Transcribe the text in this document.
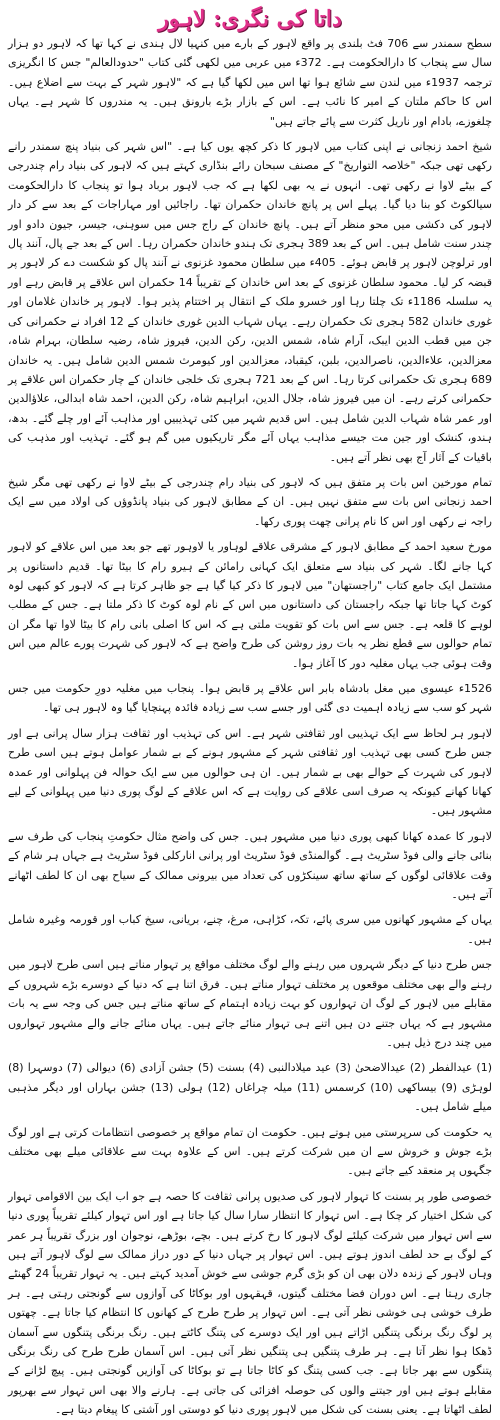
داتا کی نگری: لاہور

سطح سمندر سے 706 فٹ بلندی پر واقع لاہور کے بارے میں کنہیا لال ہندی نے کہا تھا کہ لاہور دو ہزار سال سے پنجاب کا دارالحکومت ہے۔ 372ء میں عربی میں لکھی گئی کتاب "حدودالعالم" جس کا انگریزی ترجمہ 1937ء میں لندن سے شائع ہوا تھا اس میں لکھا گیا ہے کہ "لاہور شہر کے بہت سے اضلاع ہیں۔ اس کا حاکم ملتان کے امیر کا نائب ہے۔ اس کے بازار بڑے بارونق ہیں۔ یہ مندروں کا شہر ہے۔ یہاں چلغوزے، بادام اور ناریل کثرت سے پائے جاتے ہیں"

شیخ احمد زنجانی نے اپنی کتاب میں لاہور کا ذکر کچھ یوں کیا ہے۔ "اس شہر کی بنیاد پنچ سمندر رانے رکھی تھی جبکہ "خلاصہ التواریخ" کے مصنف سبحان رائے بنڈاری کہتے ہیں کہ لاہور کی بنیاد رام چندرجی کے بیٹے لاوا نے رکھی تھی۔ انہوں نے یہ بھی لکھا ہے کہ جب لاہور برباد ہوا تو پنجاب کا دارالحکومت سیالکوٹ کو بنا دیا گیا۔ پہلے اس پر پانچ خاندان حکمران تھا۔ راجائیں اور مہاراجات کے بعد سے کر دار لاہور کی دکشی میں محو منظر آتے ہیں۔ پانچ خاندان کے راج جس میں سوہنی، جیسر، جیون دادو اور چندر سنت شامل ہیں۔ اس کے بعد 389 ہجری تک ہندو خاندان حکمران رہا۔ اس کے بعد جے پال، آنند پال اور ترلوچن لاہور پر قابض ہوئے۔ 405ء میں سلطان محمود غزنوی نے آنند پال کو شکست دے کر لاہور پر قبضہ کر لیا۔ محمود سلطان غزنوی کے بعد اس خاندان کے تقریباً 14 حکمران اس علاقے پر قابض رہے اور یہ سلسلہ 1186ء تک چلتا رہا اور خسرو ملک کے انتقال پر اختتام پذیر ہوا۔ لاہور پر خاندان غلامان اور غوری خاندان 582 ہجری تک حکمران رہے۔ یہاں شہاب الدین غوری خاندان کے 12 افراد نے حکمرانی کی جن میں قطب الدین ایبک، آرام شاہ، شمس الدین، رکن الدین، فیروز شاہ، رضیہ سلطان، بہرام شاہ، معزالدین، علاءالدین، ناصرالدین، بلبن، کیقباد، معزالدین اور کیومرث شمس الدین شامل ہیں۔ یہ خاندان 689 ہجری تک حکمرانی کرتا رہا۔ اس کے بعد 721 ہجری تک خلجی خاندان کے چار حکمران اس علاقے پر حکمرانی کرتے رہے۔ ان میں فیروز شاہ، جلال الدین، ابراہیم شاہ، رکن الدین، احمد شاہ ابدالی، علاؤالدین اور عمر شاہ شہاب الدین شامل ہیں۔ اس قدیم شہر میں کئی تہذیبیں اور مذاہب آئے اور چلے گئے۔ بدھ، ہندو، کنشک اور جین مت جیسے مذاہب یہاں آئے مگر تاریکیوں میں گم ہو گئے۔ تہذیب اور مذہب کی باقیات کے آثار آج بھی نظر آتے ہیں۔

تمام مورخین اس بات پر متفق ہیں کہ لاہور کی بنیاد رام چندرجی کے بیٹے لاوا نے رکھی تھی مگر شیخ احمد زنجانی اس بات سے متفق نہیں ہیں۔ ان کے مطابق لاہور کی بنیاد پانڈوؤں کی اولاد میں سے ایک راجہ نے رکھی اور اس کا نام پرانی چھت پوری رکھا۔

مورخ سعید احمد کے مطابق لاہور کے مشرقی علاقے لوہاور یا لاوہور تھے جو بعد میں اس علاقے کو لاہور کہا جانے لگا۔ شہر کی بنیاد سے متعلق ایک کہانی رامائن کے ہیرو رام کا بیٹا تھا۔ قدیم داستانوں پر مشتمل ایک جامع کتاب "راجستھان" میں لاہور کا ذکر کیا گیا ہے جو ظاہر کرتا ہے کہ لاہور کو کبھی لوہ کوٹ کہا جاتا تھا جبکہ راجستان کی داستانوں میں اس کے نام لوہ کوٹ کا ذکر ملتا ہے۔ جس کے مطلب لوہے کا قلعہ ہے۔ جس سے اس بات کو تقویت ملتی ہے کہ اس کا اصلی بانی رام کا بیٹا لاوا تھا مگر ان تمام حوالوں سے قطع نظر یہ بات روز روشن کی طرح واضح ہے کہ لاہور کی شہرت پورے عالم میں اس وقت ہوئی جب یہاں مغلیہ دور کا آغاز ہوا۔

1526ء عیسوی میں مغل بادشاہ بابر اس علاقے پر قابض ہوا۔ پنجاب میں مغلیہ دورِ حکومت میں جس شہر کو سب سے زیادہ اہمیت دی گئی اور جسے سب سے زیادہ فائدہ پہنچایا گیا وہ لاہور ہی تھا۔

لاہور ہر لحاظ سے ایک تہذیبی اور ثقافتی شہر ہے۔ اس کی تہذیب اور ثقافت ہزار سال پرانی ہے اور جس طرح کسی بھی تہذیب اور ثقافتی شہر کے مشہور ہونے کے بے شمار عوامل ہوتے ہیں اسی طرح لاہور کی شہرت کے حوالے بھی بے شمار ہیں۔ ان ہی حوالوں میں سے ایک حوالہ فن پہلوانی اور عمدہ کھانا کھانے کیونکہ یہ صرف اسی علاقے کی روایت ہے کہ اس علاقے کے لوگ پوری دنیا میں پہلوانی کے لیے مشہور ہیں۔

لاہور کا عمدہ کھانا کبھی پوری دنیا میں مشہور ہیں۔ جس کی واضح مثال حکومتِ پنجاب کی طرف سے بنائی جانے والی فوڈ سٹریٹ ہے۔ گوالمنڈی فوڈ سٹریٹ اور پرانی انارکلی فوڈ سٹریٹ ہے جہاں ہر شام کے وقت علاقائی لوگوں کے ساتھ ساتھ سینکڑوں کی تعداد میں بیرونی ممالک کے سیاح بھی ان کا لطف اٹھانے آتے ہیں۔

یہاں کے مشہور کھانوں میں سری پائے، تکہ، کڑاہی، مرغ، چنے، بریانی، سیخ کباب اور قورمہ وغیرہ شامل ہیں۔

جس طرح دنیا کے دیگر شہروں میں رہنے والے لوگ مختلف مواقع پر تہوار مناتے ہیں اسی طرح لاہور میں رہنے والے بھی مختلف موقعوں پر مختلف تہوار مناتے ہیں۔ فرق اتنا ہے کہ دنیا کے دوسرے بڑے شہروں کے مقابلے میں لاہور کے لوگ ان تہواروں کو بہت زیادہ اہتمام کے ساتھ مناتے ہیں جس کی وجہ سے یہ بات مشہور ہے کہ یہاں جتنے دن ہیں اتنے ہی تہوار منائے جاتے ہیں۔ یہاں منائے جانے والے مشہور تہواروں میں چند درج ذیل ہیں۔

(1) عیدالفطر (2) عیدالاضحیٰ (3) عید میلادالنبی (4) بسنت (5) جشن آزادی (6) دیوالی (7) دوسہرا (8) لوہڑی (9) بیساکھی (10) کرسمس (11) میلہ چراغاں (12) ہولی (13) جشن بہاراں اور دیگر مذہبی میلے شامل ہیں۔

یہ حکومت کی سرپرستی میں ہوتے ہیں۔ حکومت ان تمام مواقع پر خصوصی انتظامات کرتی ہے اور لوگ بڑے جوش و خروش سے ان میں شرکت کرتے ہیں۔ اس کے علاوہ بہت سے علاقائی میلے بھی مختلف جگہوں پر منعقد کیے جاتے ہیں۔

خصوصی طور پر بسنت کا تہوار لاہور کی صدیوں پرانی ثقافت کا حصہ ہے جو اب ایک بین الاقوامی تہوار کی شکل اختیار کر چکا ہے۔ اس تہوار کا انتظار سارا سال کیا جاتا ہے اور اس تہوار کیلئے تقریباً پوری دنیا سے اس تہوار میں شرکت کیلئے لوگ لاہور کا رخ کرتے ہیں۔ بچے، بوڑھے، نوجوان اور بزرگ تقریباً ہر عمر کے لوگ بے حد لطف اندوز ہوتے ہیں۔ اس تہوار پر جہاں دنیا کے دور دراز ممالک سے لوگ لاہور آتے ہیں وہاں لاہور کے زندہ دلان بھی ان کو بڑی گرم جوشی سے خوش آمدید کہتے ہیں۔ یہ تہوار تقریباً 24 گھنٹے جاری رہتا ہے۔ اس دوران فضا مختلف گیتوں، قہقہوں اور بوکاٹا کی آوازوں سے گونجتی رہتی ہے۔ ہر طرف خوشی ہی خوشی نظر آتی ہے۔ اس تہوار پر طرح طرح کے کھانوں کا انتظام کیا جاتا ہے۔ چھتوں پر لوگ رنگ برنگی پتنگیں اڑاتے ہیں اور ایک دوسرے کی پتنگ کاٹتے ہیں۔ رنگ برنگی پتنگوں سے آسمان ڈھکا ہوا نظر آتا ہے۔ ہر طرف پتنگیں ہی پتنگیں نظر آتی ہیں۔ اس آسمان طرح طرح کی رنگ برنگی پتنگوں سے بھر جاتا ہے۔ جب کسی پتنگ کو کاٹا جاتا ہے تو بوکاٹا کی آوازیں گونجتی ہیں۔ پیچ لڑانے کے مقابلے ہوتے ہیں اور جیتنے والوں کی حوصلہ افزائی کی جاتی ہے۔ ہارنے والا بھی اس تہوار سے بھرپور لطف اٹھاتا ہے۔ یعنی بسنت کی شکل میں لاہور پوری دنیا کو دوستی اور آشتی کا پیغام دیتا ہے۔
